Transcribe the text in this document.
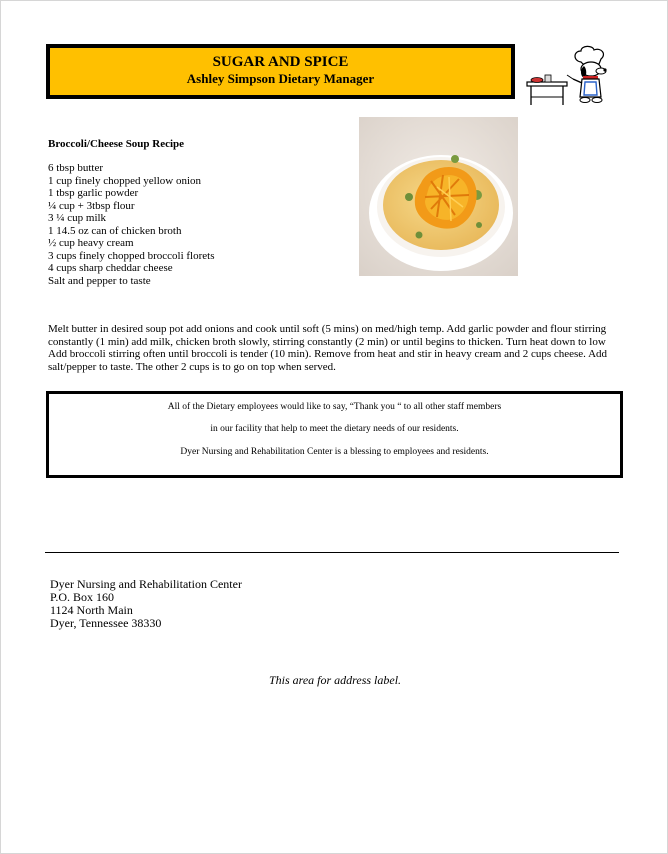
SUGAR AND SPICE
Ashley Simpson Dietary Manager
Broccoli/Cheese Soup Recipe
6 tbsp butter
1 cup finely chopped yellow onion
1 tbsp garlic powder
¼ cup + 3tbsp flour
3 ¼ cup milk
1 14.5 oz can of chicken broth
½ cup heavy cream
3 cups finely chopped broccoli florets
4 cups sharp cheddar cheese
Salt and pepper to taste
Melt butter in desired soup pot add onions and cook until soft (5 mins) on med/high temp. Add garlic powder and flour stirring constantly (1 min) add milk, chicken broth slowly, stirring constantly (2 min) or until begins to thicken. Turn heat down to low Add broccoli stirring often until broccoli is tender (10 min). Remove from heat and stir in heavy cream and 2 cups cheese. Add salt/pepper to taste. The other 2 cups is to go on top when served.
All of the Dietary employees would like to say, “Thank you “ to all other staff members
in our facility that help to meet the dietary needs of our residents.
Dyer Nursing and Rehabilitation Center is a blessing to employees and residents.
Dyer Nursing and Rehabilitation Center
P.O. Box 160
1124 North Main
Dyer, Tennessee 38330
This area for address label.
